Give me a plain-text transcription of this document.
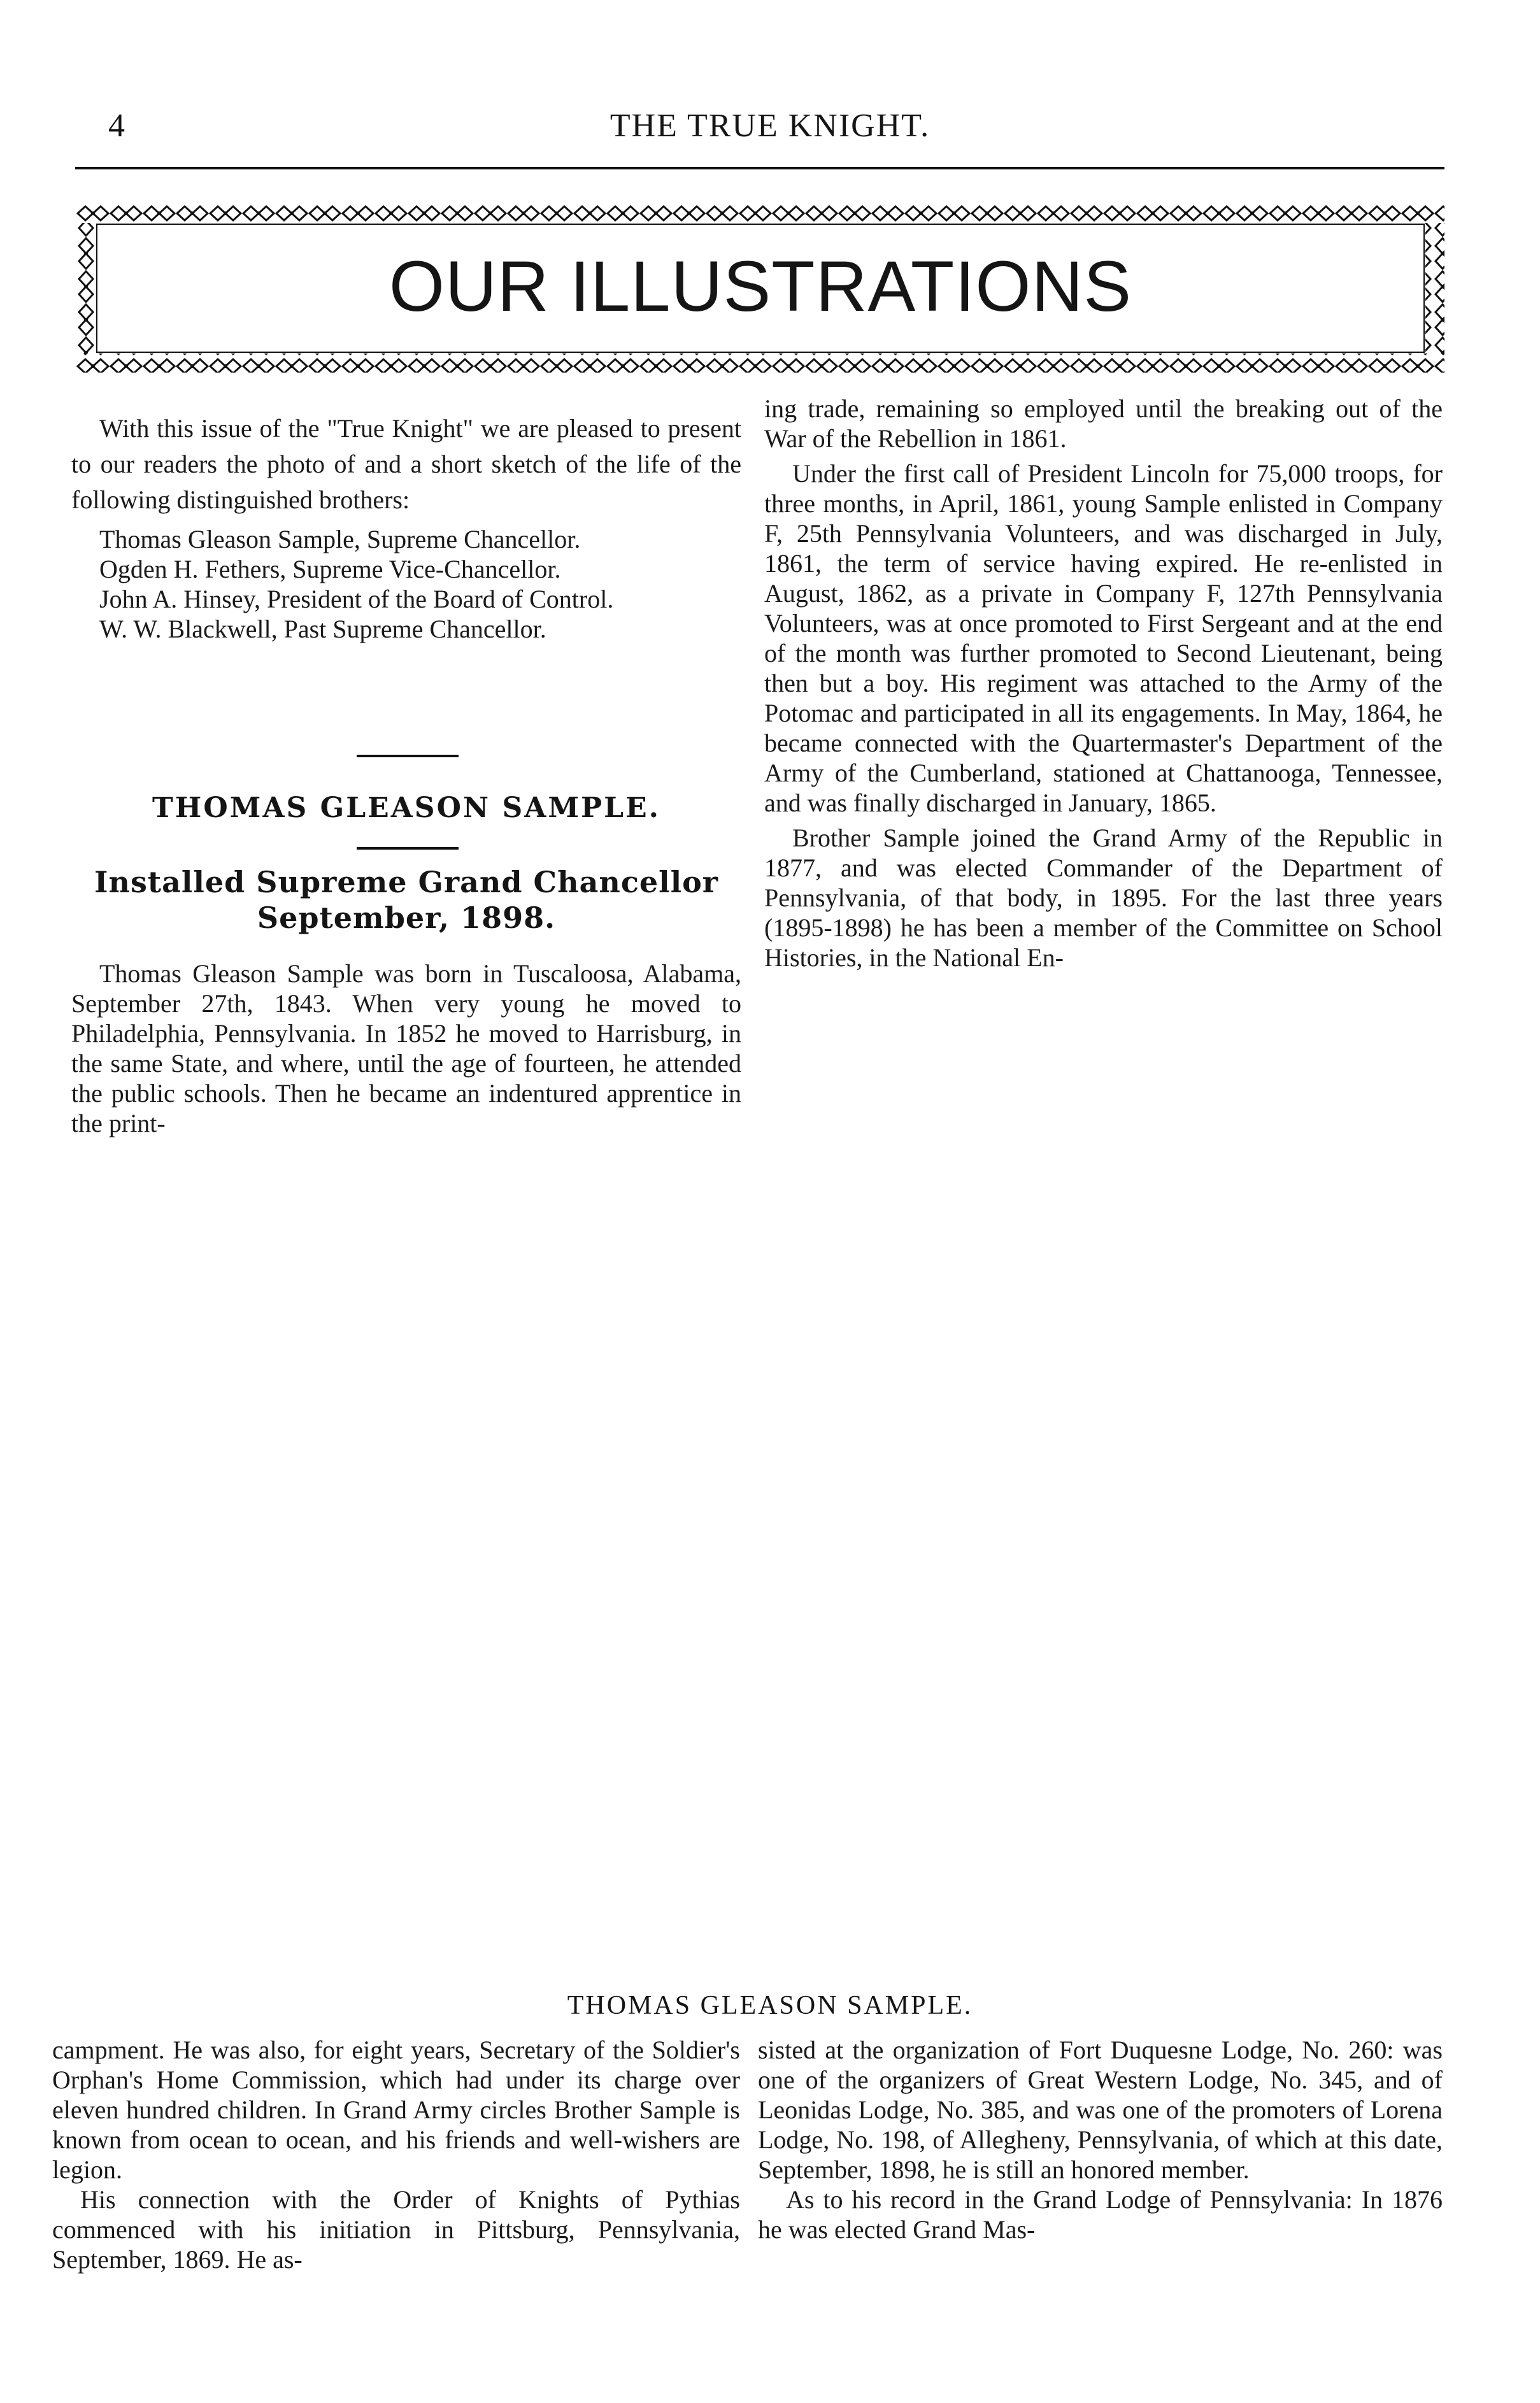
4	THE TRUE KNIGHT.
OUR ILLUSTRATIONS

With this issue of the "True Knight" we are pleased to present to our readers the photo of and a short sketch of the life of the following distinguished brothers:

Thomas Gleason Sample, Supreme Chancellor.

Ogden H. Fethers, Supreme Vice-Chancellor.

John A. Hinsey, President of the Board of Control.

W. W. Blackwell, Past Supreme Chancellor.

THOMAS GLEASON SAMPLE.
Installed Supreme Grand Chancellor
September, 1898.

Thomas Gleason Sample was born in Tuscaloosa, Alabama, September 27th, 1843. When very young he moved to Philadelphia, Pennsylvania. In 1852 he moved to Harrisburg, in the same State, and where, until the age of fourteen, he attended the public schools. Then he became an indentured apprentice in the print-

ing trade, remaining so employed until the breaking out of the War of the Rebellion in 1861.

Under the first call of President Lincoln for 75,000 troops, for three months, in April, 1861, young Sample enlisted in Company F, 25th Pennsylvania Volunteers, and was discharged in July, 1861, the term of service having expired. He re-enlisted in August, 1862, as a private in Company F, 127th Pennsylvania Volunteers, was at once promoted to First Sergeant and at the end of the month was further promoted to Second Lieutenant, being then but a boy. His regiment was attached to the Army of the Potomac and participated in all its engagements. In May, 1864, he became connected with the Quartermaster's Department of the Army of the Cumberland, stationed at Chattanooga, Tennessee, and was finally discharged in January, 1865.

Brother Sample joined the Grand Army of the Republic in 1877, and was elected Commander of the Department of Pennsylvania, of that body, in 1895. For the last three years (1895-1898) he has been a member of the Committee on School Histories, in the National En-

THOMAS GLEASON SAMPLE.

campment. He was also, for eight years, Secretary of the Soldier's Orphan's Home Commission, which had under its charge over eleven hundred children. In Grand Army circles Brother Sample is known from ocean to ocean, and his friends and well-wishers are legion.

His connection with the Order of Knights of Pythias commenced with his initiation in Pittsburg, Pennsylvania, September, 1869. He as-

sisted at the organization of Fort Duquesne Lodge, No. 260: was one of the organizers of Great Western Lodge, No. 345, and of Leonidas Lodge, No. 385, and was one of the promoters of Lorena Lodge, No. 198, of Allegheny, Pennsylvania, of which at this date, September, 1898, he is still an honored member.

As to his record in the Grand Lodge of Pennsylvania: In 1876 he was elected Grand Mas-
